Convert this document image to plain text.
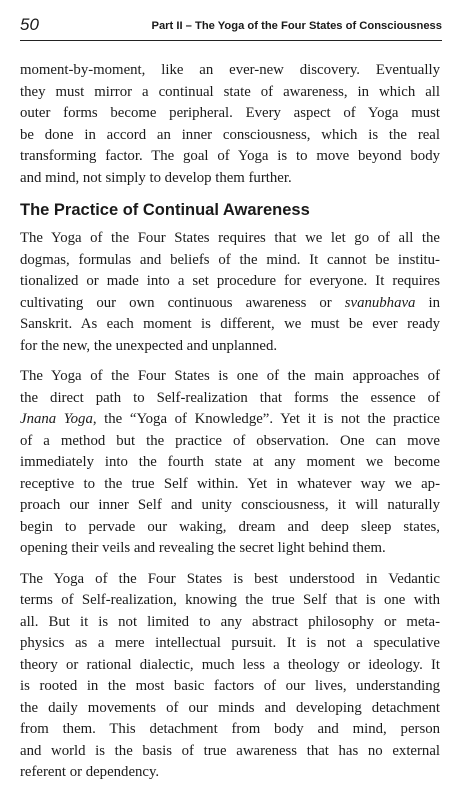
50	Part II – The Yoga of the Four States of Consciousness

moment-by-moment, like an ever-new discovery. Eventually
they must mirror a continual state of awareness, in which all
outer forms become peripheral. Every aspect of Yoga must
be done in accord an inner consciousness, which is the real
transforming factor. The goal of Yoga is to move beyond body
and mind, not simply to develop them further.

The Practice of Continual Awareness

The Yoga of the Four States requires that we let go of all the
dogmas, formulas and beliefs of the mind. It cannot be institu-
tionalized or made into a set procedure for everyone. It requires
cultivating our own continuous awareness or svanubhava in
Sanskrit. As each moment is different, we must be ever ready
for the new, the unexpected and unplanned.

The Yoga of the Four States is one of the main approaches of
the direct path to Self-realization that forms the essence of
Jnana Yoga, the “Yoga of Knowledge”. Yet it is not the practice
of a method but the practice of observation. One can move
immediately into the fourth state at any moment we become
receptive to the true Self within. Yet in whatever way we ap-
proach our inner Self and unity consciousness, it will naturally
begin to pervade our waking, dream and deep sleep states,
opening their veils and revealing the secret light behind them.

The Yoga of the Four States is best understood in Vedantic
terms of Self-realization, knowing the true Self that is one with
all. But it is not limited to any abstract philosophy or meta-
physics as a mere intellectual pursuit. It is not a speculative
theory or rational dialectic, much less a theology or ideology. It
is rooted in the most basic factors of our lives, understanding
the daily movements of our minds and developing detachment
from them. This detachment from body and mind, person
and world is the basis of true awareness that has no external
referent or dependency.
